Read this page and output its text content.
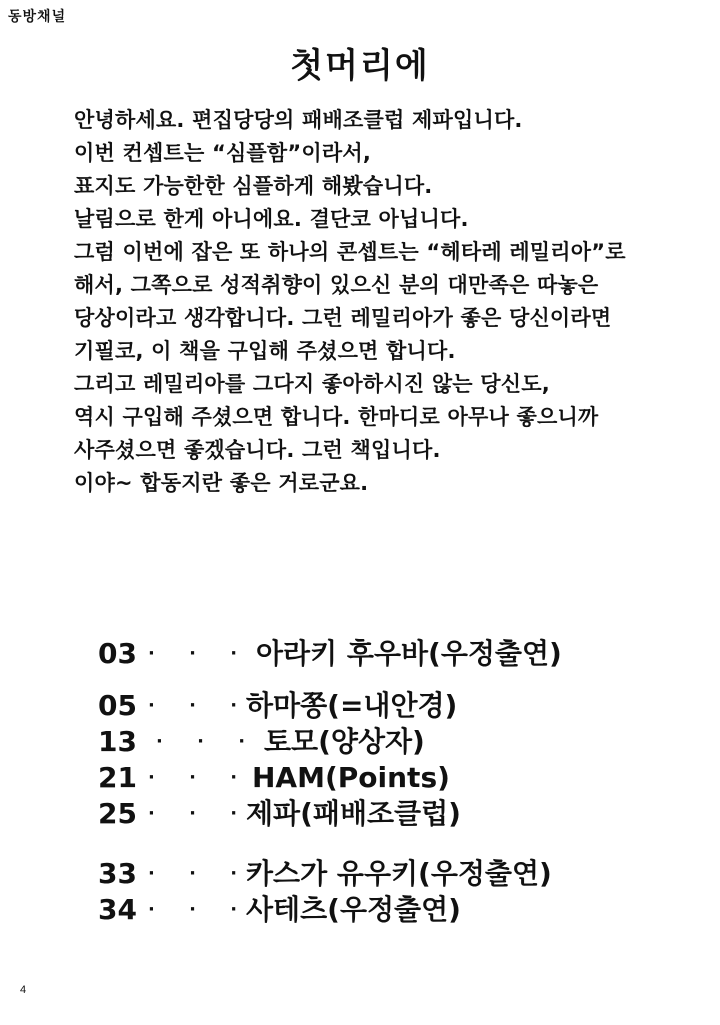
동방채널
첫머리에
안녕하세요. 편집당당의 패배조클럽 제파입니다.
이번 컨셉트는 “심플함”이라서,
표지도 가능한한 심플하게 해봤습니다.
날림으로 한게 아니에요. 결단코 아닙니다.
그럼 이번에 잡은 또 하나의 콘셉트는 “헤타레 레밀리아”로
해서, 그쪽으로 성적취향이 있으신 분의 대만족은 따놓은
당상이라고 생각합니다. 그런 레밀리아가 좋은 당신이라면
기필코, 이 책을 구입해 주셨으면 합니다.
그리고 레밀리아를 그다지 좋아하시진 않는 당신도,
역시 구입해 주셨으면 합니다. 한마디로 아무나 좋으니까
사주셨으면 좋겠습니다. 그런 책입니다.
이야~ 합동지란 좋은 거로군요.
03 · · · 아라키 후우바(우정출연)
05 · · ·
하마쫑(=내안경)
13	· · · 토모(양상자)
21 · · · HAM(Points)
25 · · ·
제파(패배조클럽)
33 · · ·
카스가 유우키(우정출연)
34 · · ·
사테츠(우정출연)
4
